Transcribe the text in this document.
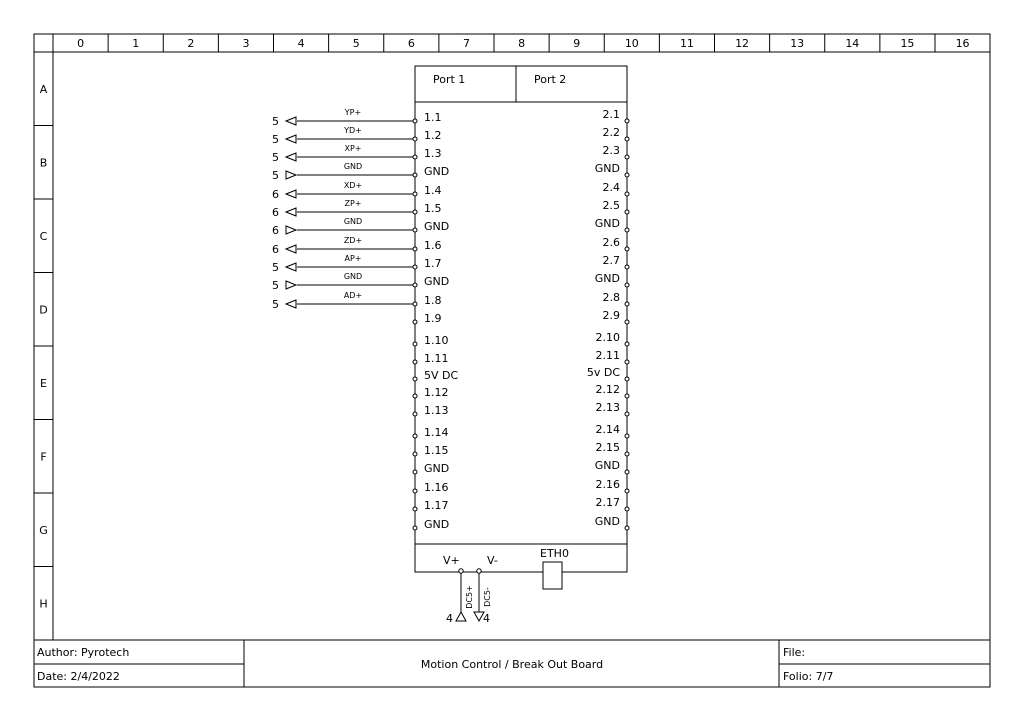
0	1	2	3	4	5	6	7	8	9	10	11	12	13	14	15	16
A
B
C
D
E
F
G
H
Port 1	Port 2
1.1
1.2
1.3
GND
1.4
1.5
GND
1.6
1.7
GND
1.8
1.9
1.10
1.11
5V DC
1.12
1.13
1.14
1.15
GND
1.16
1.17
GND
2.1
2.2
2.3
GND
2.4
2.5
GND
2.6
2.7
GND
2.8
2.9
2.10
2.11
5v DC
2.12
2.13
2.14
2.15
GND
2.16
2.17
GND
V+ V-
ETH0
5
YP+
5
YD+
5
XP+
5
GND
6
XD+
6
ZP+
6
GND
6
ZD+
5
AP+
5
GND
5
AD+
DC5+ DC5-
4	4
Author: Pyrotech
Date: 2/4/2022
Motion Control / Break Out Board
File:
Folio: 7/7
